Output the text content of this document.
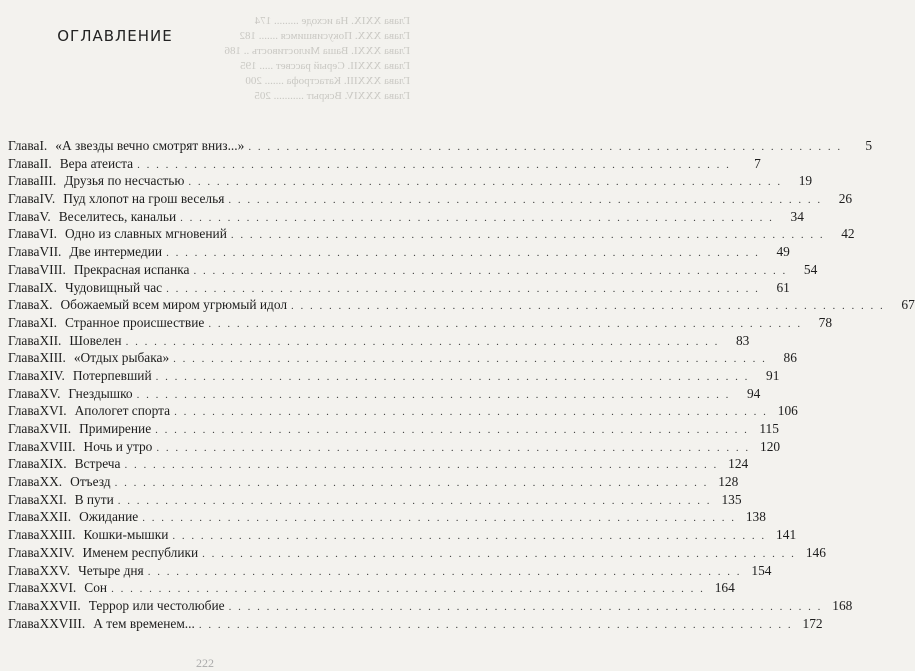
Глава XXIX. На исходе ......... 174
Глава XXX. Покусившимся ....... 182
Глава XXXI. Ваша Милостивость .. 186
Глава XXXII. Серый рассвет ..... 195
Глава XXXIII. Катастрофа ....... 200
Глава XXXIV. Вскрыт ........... 205
ОГЛАВЛЕНИЕ
Глава I. «А звезды вечно смотрят вниз...» . . .	5
Глава II. Вера атеиста . . .	7
Глава III. Друзья по несчастью . . .	19
Глава IV. Пуд хлопот на грош веселья . . .	26
Глава V. Веселитесь, канальи . . .	34
Глава VI. Одно из славных мгновений . . .	42
Глава VII. Две интермедии . . .	49
Глава VIII. Прекрасная испанка . . .	54
Глава IX. Чудовищный час . . .	61
Глава X. Обожаемый всем миром угрюмый идол . . .	67
Глава XI. Странное происшествие . . .	78
Глава XII. Шовелен . . .	83
Глава XIII. «Отдых рыбака» . . .	86
Глава XIV. Потерпевший . . .	91
Глава XV. Гнездышко . . .	94
Глава XVI. Апологет спорта . . .	106
Глава XVII. Примирение . . .	115
Глава XVIII. Ночь и утро . . .	120
Глава XIX. Встреча . . .	124
Глава XX. Отъезд . . .	128
Глава XXI. В пути . . .	135
Глава XXII. Ожидание . . .	138
Глава XXIII. Кошки-мышки . . .	141
Глава XXIV. Именем республики . . .	146
Глава XXV. Четыре дня . . .	154
Глава XXVI. Сон . . .	164
Глава XXVII. Террор или честолюбие . . .	168
Глава XXVIII. А тем временем... . . .	172
222
